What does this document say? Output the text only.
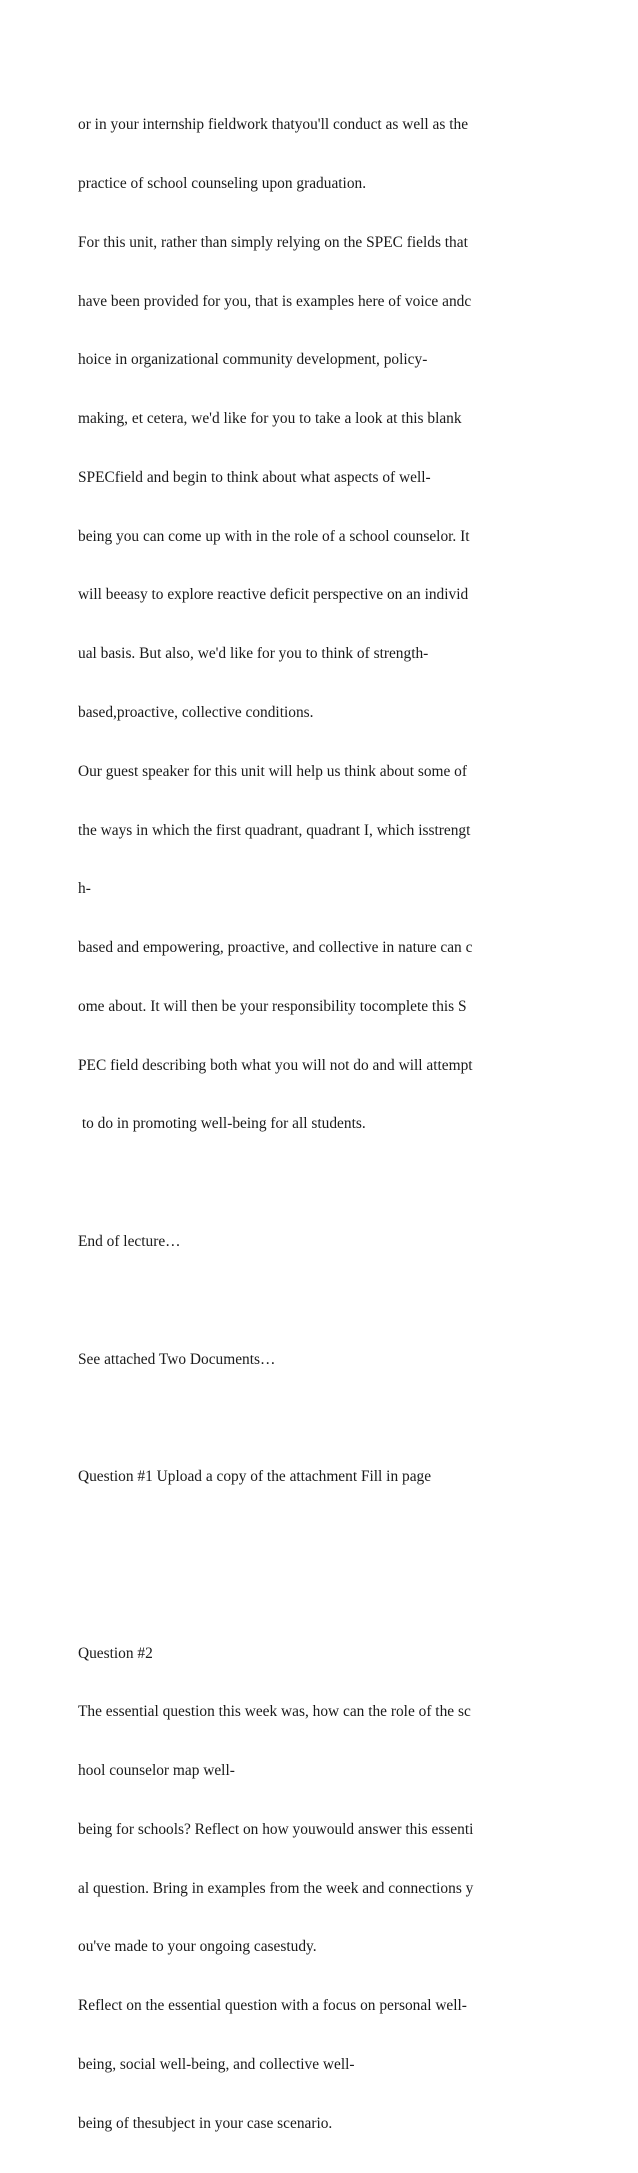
or in your internship fieldwork thatyou'll conduct as well as the

practice of school counseling upon graduation.

For this unit, rather than simply relying on the SPEC fields that

have been provided for you, that is examples here of voice andc

hoice in organizational community development, policy-

making, et cetera, we'd like for you to take a look at this blank

SPECfield and begin to think about what aspects of well-

being you can come up with in the role of a school counselor. It

will beeasy to explore reactive deficit perspective on an individ

ual basis. But also, we'd like for you to think of strength-

based,proactive, collective conditions.

Our guest speaker for this unit will help us think about some of

the ways in which the first quadrant, quadrant I, which isstrengt

h-

based and empowering, proactive, and collective in nature can c

ome about. It will then be your responsibility tocomplete this S

PEC field describing both what you will not do and will attempt

to do in promoting well-being for all students.

End of lecture…

See attached Two Documents…

Question #1 Upload a copy of the attachment Fill in page

Question #2

The essential question this week was, how can the role of the sc

hool counselor map well-

being for schools? Reflect on how youwould answer this essenti

al question. Bring in examples from the week and connections y

ou've made to your ongoing casestudy.

Reflect on the essential question with a focus on personal well-

being, social well-being, and collective well-

being of thesubject in your case scenario.
